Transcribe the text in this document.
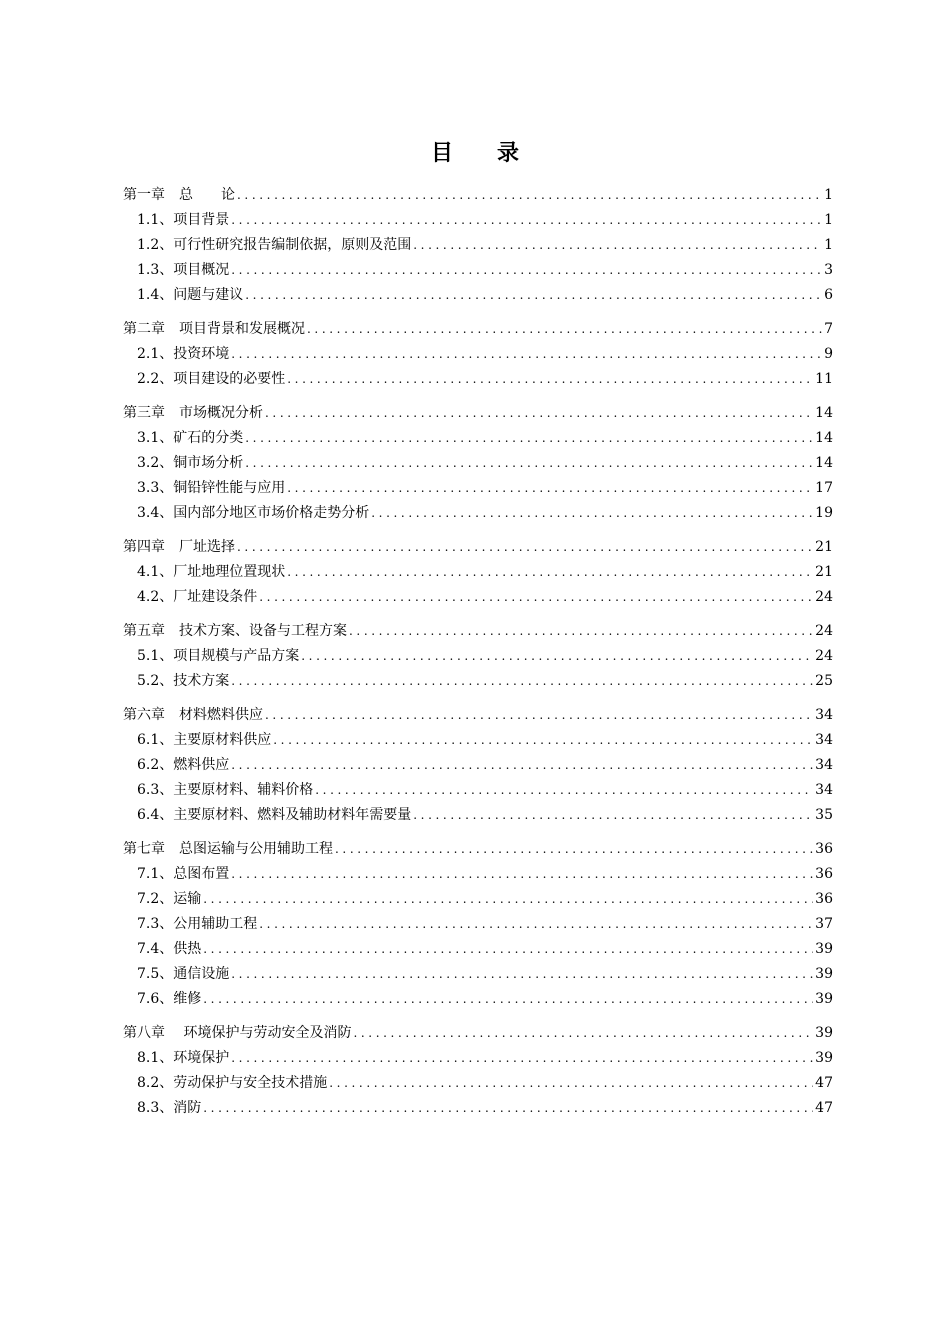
目录
第一章　总　　论 .....	1
1.1、项目背景 .....	1
1.2、可行性研究报告编制依据，原则及范围 .....	1
1.3、项目概况 .....	3
1.4、问题与建议 .....	6
第二章　项目背景和发展概况 .....	7
2.1、投资环境 .....	9
2.2、项目建设的必要性 .....	11
第三章　市场概况分析 .....	14
3.1、矿石的分类 .....	14
3.2、铜市场分析 .....	14
3.3、铜铅锌性能与应用 .....	17
3.4、国内部分地区市场价格走势分析 .....	19
第四章　厂址选择 .....	21
4.1、厂址地理位置现状 .....	21
4.2、厂址建设条件 .....	24
第五章　技术方案、设备与工程方案 .....	24
5.1、项目规模与产品方案 .....	24
5.2、技术方案 .....	25
第六章　材料燃料供应 .....	34
6.1、主要原材料供应 .....	34
6.2、燃料供应 .....	34
6.3、主要原材料、辅料价格 .....	34
6.4、主要原材料、燃料及辅助材料年需要量 .....	35
第七章　总图运输与公用辅助工程 .....	36
7.1、总图布置 .....	36
7.2、运输 .....	36
7.3、公用辅助工程 .....	37
7.4、供热 .....	39
7.5、通信设施 .....	39
7.6、维修 .....	39
第八章　 环境保护与劳动安全及消防 .....	39
8.1、环境保护 .....	39
8.2、劳动保护与安全技术措施 .....	47
8.3、消防 .....	47
